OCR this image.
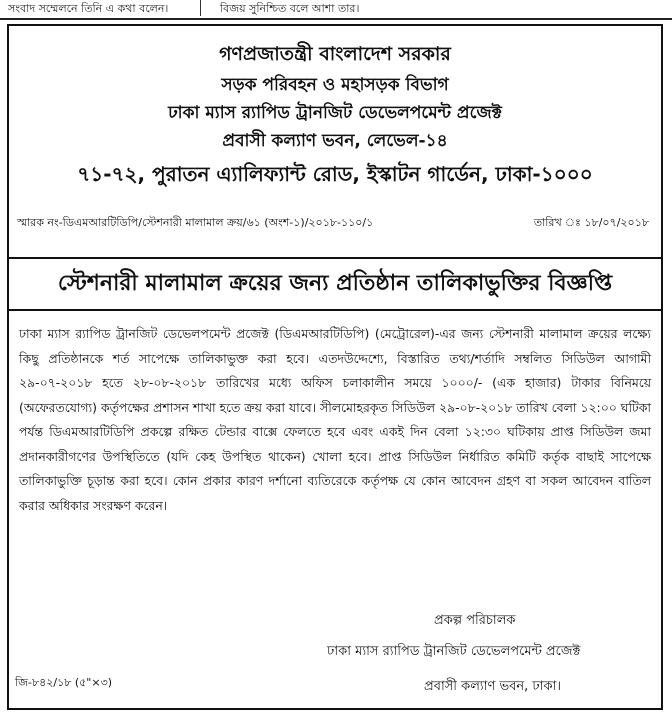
সংবাদ সম্মেলনে তিনি এ কথা বলেন।	বিজয় সুনিশ্চিত বলে আশা তার।
গণপ্রজাতন্ত্রী বাংলাদেশ সরকার
সড়ক পরিবহন ও মহাসড়ক বিভাগ
ঢাকা ম্যাস র‍্যাপিড ট্রানজিট ডেভেলপমেন্ট প্রজেক্ট
প্রবাসী কল্যাণ ভবন, লেভেল-১৪
৭১-৭২, পুরাতন এ্যালিফ্যান্ট রোড, ইস্কাটন গার্ডেন, ঢাকা-১০০০
স্মারক নং-ডিএমআরটিডিপি/স্টেশনারী মালামাল ক্রয়/৬১ (অংশ-১)/২০১৮-১১০/১	তারিখ ঃ ১৮/০৭/২০১৮
স্টেশনারী মালামাল ক্রয়ের জন্য প্রতিষ্ঠান তালিকাভুক্তির বিজ্ঞপ্তি
ঢাকা ম্যাস র‍্যাপিড ট্রানজিট ডেভেলপমেন্ট প্রজেক্ট (ডিএমআরটিডিপি) (মেট্রোরেল)-এর জন্য স্টেশনারী মালামাল ক্রয়ের লক্ষ্যে কিছু প্রতিষ্ঠানকে শর্ত সাপেক্ষে তালিকাভুক্ত করা হবে। এতদউদ্দেশ্যে, বিস্তারিত তথ্য/শর্তাদি সম্বলিত সিডিউল আগামী ২৯-০৭-২০১৮ হতে ২৮-০৮-২০১৮ তারিখের মধ্যে অফিস চলাকালীন সময়ে ১০০০/- (এক হাজার) টাকার বিনিময়ে (অফেরতযোগ্য) কর্তৃপক্ষের প্রশাসন শাখা হতে ক্রয় করা যাবে। সীলমোহরকৃত সিডিউল ২৯-০৮-২০১৮ তারিখ বেলা ১২:০০ ঘটিকা পর্যন্ত ডিএমআরটিডিপি প্রকল্পে রক্ষিত টেন্ডার বাক্সে ফেলতে হবে এবং একই দিন বেলা ১২:৩০ ঘটিকায় প্রাপ্ত সিডিউল জমা প্রদানকারীগণের উপস্থিতিতে (যদি কেহ উপস্থিত থাকেন) খোলা হবে। প্রাপ্ত সিডিউল নির্ধারিত কমিটি কর্তৃক বাছাই সাপেক্ষে তালিকাভুক্তি চূড়ান্ত করা হবে। কোন প্রকার কারণ দর্শানো ব্যতিরেকে কর্তৃপক্ষ যে কোন আবেদন গ্রহণ বা সকল আবেদন বাতিল করার অধিকার সংরক্ষণ করেন।
প্রকল্প পরিচালক
ঢাকা ম্যাস র‍্যাপিড ট্রানজিট ডেভেলপমেন্ট প্রজেক্ট
প্রবাসী কল্যাণ ভবন, ঢাকা।
জি-৮৪২/১৮ (৫"×৩)
